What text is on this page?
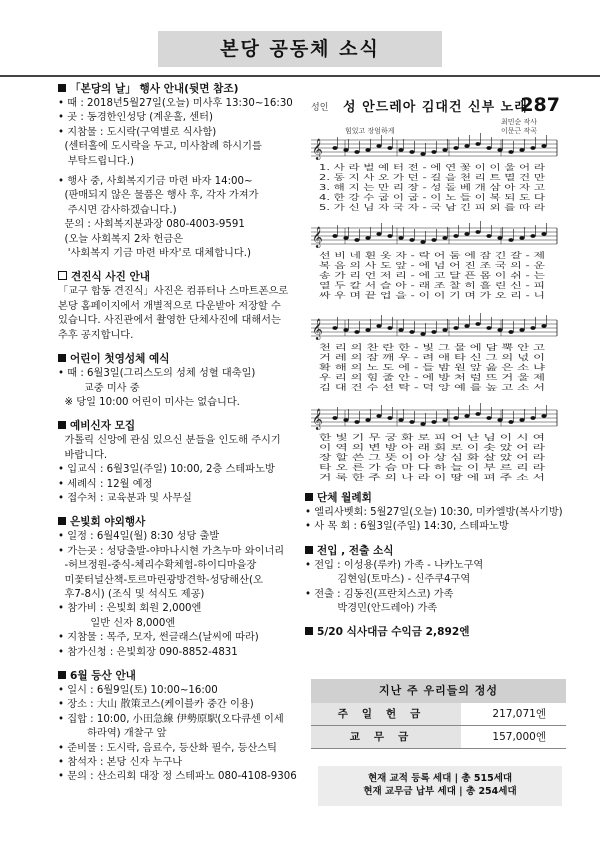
본당 공동체 소식
「본당의 날」 행사 안내(뒷면 참조)
• 때 : 2018년5월27일(오늘) 미사후 13:30~16:30
• 곳 : 동경한인성당 (계운홀, 센터)
• 지참물 : 도시락(구역별로 식사함)
(센터홀에 도시락을 두고, 미사참례 하시기를
부탁드립니다.)
• 행사 중, 사회복지기금 마련 바자 14:00~
(판매되지 않은 물품은 행사 후, 각자 가져가
주시면 감사하겠습니다.)
문의 : 사회복지분과장 080-4003-9591
(오늘 사회복지 2차 헌금은
'사회복지 기금 마련 바자'로 대체합니다.)
견진식 사진 안내
「교구 합동 견진식」사진은 컴퓨터나 스마트폰으로
본당 홈페이지에서 개별적으로 다운받아 저장할 수
있습니다. 사진관에서 촬영한 단체사진에 대해서는
추후 공지합니다.
어린이 첫영성체 예식
• 때 : 6월3일(그리스도의 성체 성혈 대축일)
교중 미사 중
※ 당일 10:00 어린이 미사는 없습니다.
예비신자 모집
가톨릭 신앙에 관심 있으신 분들을 인도해 주시기
바랍니다.
• 입교식 : 6월3일(주일) 10:00, 2층 스테파노방
• 세례식 : 12월 예정
• 접수처 : 교육분과 및 사무실
은빛회 야외행사
• 일정 : 6월4일(월) 8:30 성당 출발
• 가는곳 : 성당출발-야마나시현 가츠누마 와이너리
-허브정원-중식-체리수확체험-하이디마을장
미꽃터널산책-토르마린광방견학-성당해산(오
후7-8시) (조식 및 석식도 제공)
• 참가비 : 은빛회 회원 2,000엔
일반 신자 8,000엔
• 지참물 : 목주, 모자, 썬글래스(날씨에 따라)
• 참가신청 : 은빛회장 090-8852-4831
6월 등산 안내
• 일시 : 6월9일(토) 10:00~16:00
• 장소 : 大山 散策코스(케이블카 중간 이용)
• 집합 : 10:00, 小田急線 伊勢原駅(오다큐센 이세
하라역) 개찰구 앞
• 준비물 : 도시락, 음료수, 등산화 필수, 등산스틱
• 참석자 : 본당 신자 누구나
• 문의 : 산소리회 대장 정 스테파노 080-4108-9306
성인 성 안드레아 김대건 신부 노래
287
힘있고 장엄하게
최민순 작사
이문근 작곡
𝄞
1. 사 라 벌 예 터 전 - 에 연 꽃 이 이 울 어 라
2. 동 지 사 오 가 던 - 길 을 천 리 트 멸 건 만
3. 해 지 는 만 리 장 - 성 돌 베 개 삼 아 자 고
4. 한 강 수 굽 이 굽 - 이 노 들 이 복 되 도 다
5. 가 신 님 자 국 자 - 국 남 긴 피 외 를 따 라
𝄞
선 비 네 흰 옷 자 - 락 어 둠 에 잠 긴 갈 - 제
복 음 의 사 도 앞 - 에 넘 어 진 조 국 의 - 운
송 가 리 언 저 리 - 에 고 달 픈 몸 이 쉬 - 는
열 두 칼 서 슬 아 - 래 조 찰 히 흘 린 신 - 피
싸 우 며 끝 업 을 - 이 이 기 며 가 오 리 - 니
𝄞
천 리 의 찬 란 한 - 빛 그 물 에 담 뿍 안 고
거 레 의 잠 깨 우 - 려 애 타 신 그 의 넋 이
확 해 의 노 도 에 - 들 밤 원 앞 읊 은 소 냐
우 리 의 힘 줄 안 - 에 방 처 럼 뜨 거 울 제
김 대 건 수 선 탁 - 덕 앙 예 를 높 고 소 서
𝄞
한 빛 기 무 궁 화 로 피 어 난 님 이 시 여
이 역 의 변 방 아 래 회 로 이 솟 았 어 라
장 할 쓴 그 뜻 이 아 상 심 화 살 았 어 라
타 오 른 가 슴 마 다 하 늘 이 부 르 리 라
거 룩 한 주 의 나 라 이 땅 에 펴 주 소 서
단체 월례회
• 엘리사벳회: 5월27일(오늘) 10:30, 미카엘방(복사기방)
• 사 목 회 : 6월3일(주일) 14:30, 스테파노방
전입 , 전출 소식
• 전입 : 이성용(루카) 가족 - 나카노구역
김현임(토마스) - 신주쿠4구역
• 전출 : 김동진(프란치스코) 가족
박경민(안드레아) 가족
5/20 식사대금 수익금 2,892엔
지난 주 우리들의 정성
주일헌금	217,071엔
교무금	157,000엔
현재 교적 등록 세대 | 총 515세대
현재 교무금 납부 세대 | 총 254세대
